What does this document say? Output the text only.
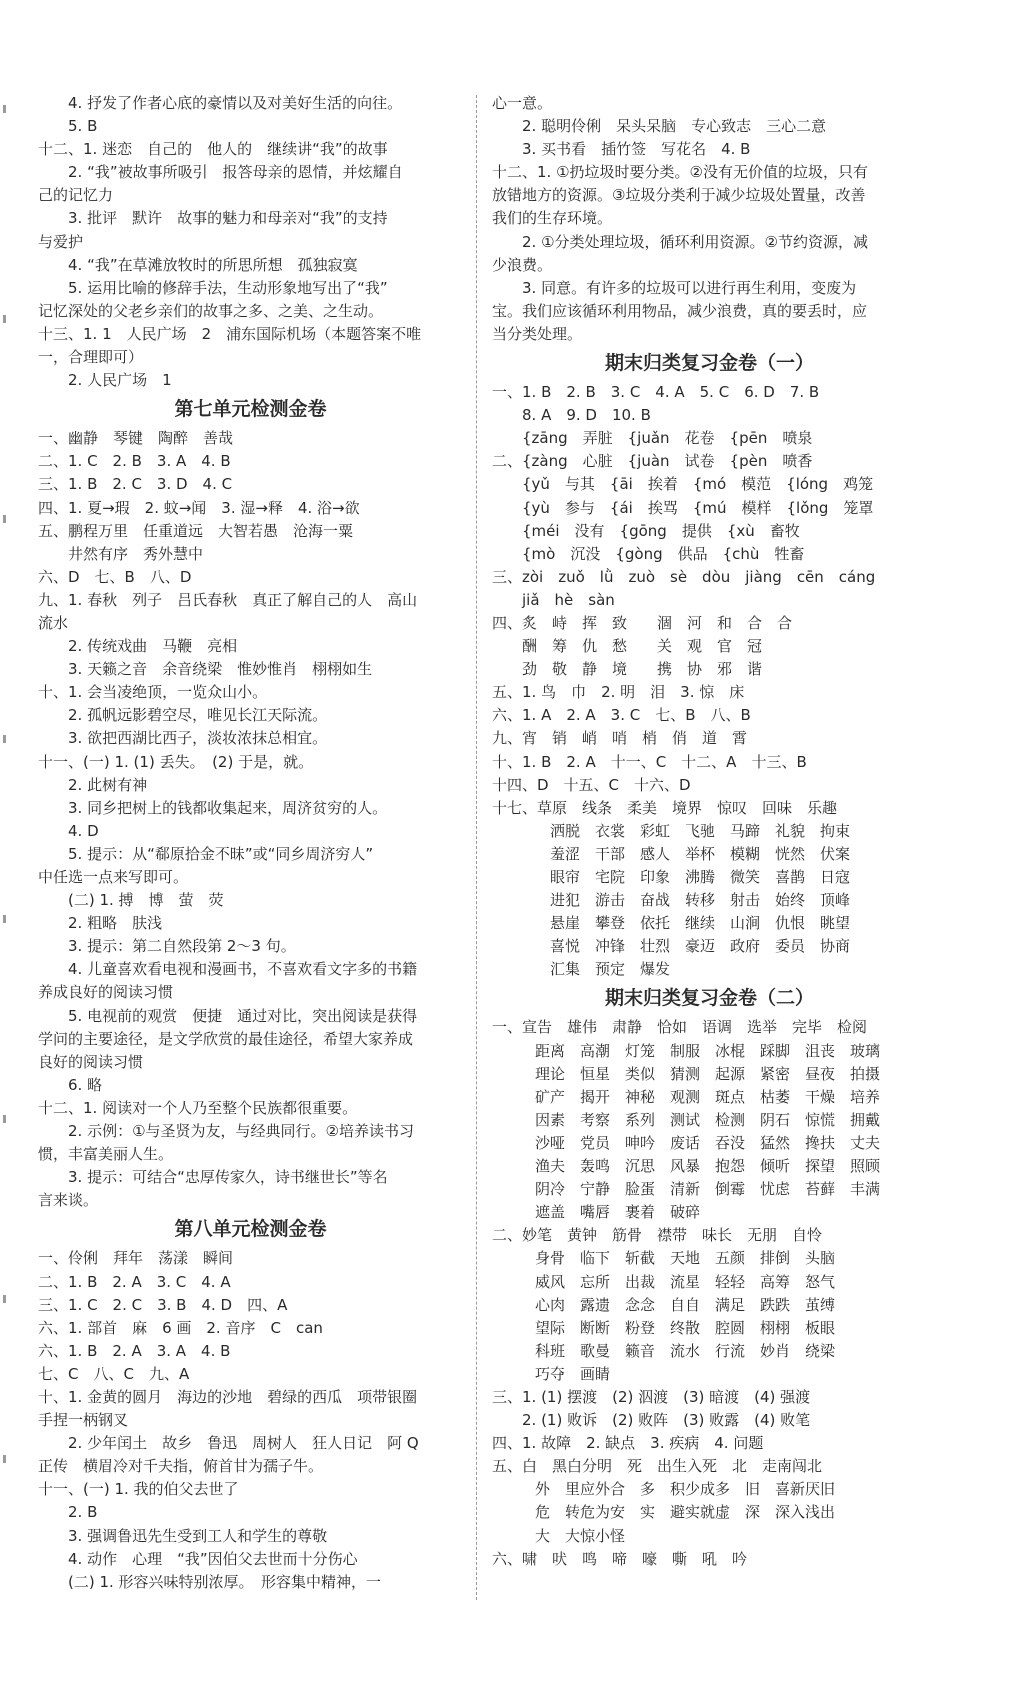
4. 抒发了作者心底的豪情以及对美好生活的向往。
5. B
十二、1. 迷恋　自己的　他人的　继续讲“我”的故事
2. “我”被故事所吸引　报答母亲的恩情，并炫耀自
己的记忆力
3. 批评　默许　故事的魅力和母亲对“我”的支持
与爱护
4. “我”在草滩放牧时的所思所想　孤独寂寞
5. 运用比喻的修辞手法，生动形象地写出了“我”
记忆深处的父老乡亲们的故事之多、之美、之生动。
十三、1. 1　人民广场　2　浦东国际机场（本题答案不唯
一，合理即可）
2. 人民广场　1
第七单元检测金卷
一、幽静　琴键　陶醉　善哉
二、1. C　2. B　3. A　4. B
三、1. B　2. C　3. D　4. C
四、1. 夏→瑕　2. 蚊→闻　3. 湿→释　4. 浴→欲
五、鹏程万里　任重道远　大智若愚　沧海一粟
井然有序　秀外慧中
六、D　七、B　八、D
九、1. 春秋　列子　吕氏春秋　真正了解自己的人　高山
流水
2. 传统戏曲　马鞭　亮相
3. 天籁之音　余音绕梁　惟妙惟肖　栩栩如生
十、1. 会当凌绝顶，一览众山小。
2. 孤帆远影碧空尽，唯见长江天际流。
3. 欲把西湖比西子，淡妆浓抹总相宜。
十一、(一) 1. (1) 丢失。　(2) 于是，就。
2. 此树有神
3. 同乡把树上的钱都收集起来，周济贫穷的人。
4. D
5. 提示：从“郗原拾金不昧”或“同乡周济穷人”
中任选一点来写即可。
(二) 1. 搏　博　萤　荧
2. 粗略　肤浅
3. 提示：第二自然段第 2～3 句。
4. 儿童喜欢看电视和漫画书，不喜欢看文字多的书籍
养成良好的阅读习惯
5. 电视前的观赏　便捷　通过对比，突出阅读是获得
学问的主要途径，是文学欣赏的最佳途径，希望大家养成
良好的阅读习惯
6. 略
十二、1. 阅读对一个人乃至整个民族都很重要。
2. 示例：①与圣贤为友，与经典同行。②培养读书习
惯，丰富美丽人生。
3. 提示：可结合“忠厚传家久，诗书继世长”等名
言来谈。
第八单元检测金卷
一、伶俐　拜年　荡漾　瞬间
二、1. B　2. A　3. C　4. A
三、1. C　2. C　3. B　4. D　四、A
六、1. 部首　麻　6 画　2. 音序　C　can
六、1. B　2. A　3. A　4. B
七、C　八、C　九、A
十、1. 金黄的圆月　海边的沙地　碧绿的西瓜　项带银圈
手捏一柄钢叉
2. 少年闰土　故乡　鲁迅　周树人　狂人日记　阿 Q
正传　横眉冷对千夫指，俯首甘为孺子牛。
十一、(一) 1. 我的伯父去世了
2. B
3. 强调鲁迅先生受到工人和学生的尊敬
4. 动作　心理　“我”因伯父去世而十分伤心
(二) 1. 形容兴味特别浓厚。　形容集中精神，一
心一意。
2. 聪明伶俐　呆头呆脑　专心致志　三心二意
3. 买书看　插竹签　写花名　4. B
十二、1. ①扔垃圾时要分类。②没有无价值的垃圾，只有
放错地方的资源。③垃圾分类利于减少垃圾处置量，改善
我们的生存环境。
2. ①分类处理垃圾，循环利用资源。②节约资源，减
少浪费。
3. 同意。有许多的垃圾可以进行再生利用，变废为
宝。我们应该循环利用物品，减少浪费，真的要丢时，应
当分类处理。
期末归类复习金卷（一）
一、1. B　2. B　3. C　4. A　5. C　6. D　7. B
8. A　9. D　10. B
{zāng　弄脏　{juǎn　花卷　{pēn　喷泉
二、{zàng　心脏　{juàn　试卷　{pèn　喷香
{yǔ　与其　{āi　挨着　{mó　模范　{lóng　鸡笼
{yù　参与　{ái　挨骂　{mú　模样　{lǒng　笼罩
{méi　没有　{gōng　提供　{xù　畜牧
{mò　沉没　{gòng　供品　{chù　牲畜
三、zòi　zuǒ　lǜ　zuò　sè　dòu　jiàng　cēn　cáng
jiǎ　hè　sàn
四、炙　峙　挥　致　　涸　河　和　合　合
酬　筹　仇　愁　　关　观　官　冠
劲　敬　静　境　　携　协　邪　谐
五、1. 鸟　巾　2. 明　泪　3. 惊　床
六、1. A　2. A　3. C　七、B　八、B
九、宵　销　峭　哨　梢　俏　道　霄
十、1. B　2. A　十一、C　十二、A　十三、B
十四、D　十五、C　十六、D
十七、草原　线条　柔美　境界　惊叹　回味　乐趣
洒脱　衣裳　彩虹　飞驰　马蹄　礼貌　拘束
羞涩　干部　感人　举杯　模糊　恍然　伏案
眼帘　宅院　印象　沸腾　微笑　喜鹊　日寇
进犯　游击　奋战　转移　射击　始终　顶峰
悬崖　攀登　依托　继续　山涧　仇恨　眺望
喜悦　冲锋　壮烈　豪迈　政府　委员　协商
汇集　预定　爆发
期末归类复习金卷（二）
一、宣告　雄伟　肃静　恰如　语调　选举　完毕　检阅
距离　高潮　灯笼　制服　冰棍　踩脚　沮丧　玻璃
理论　恒星　类似　猜测　起源　紧密　昼夜　拍摄
矿产　揭开　神秘　观测　斑点　枯萎　干燥　培养
因素　考察　系列　测试　检测　阴石　惊慌　拥戴
沙哑　党员　呻吟　废话　吞没　猛然　搀扶　丈夫
渔夫　轰鸣　沉思　风暴　抱怨　倾听　探望　照顾
阴冷　宁静　脸蛋　清新　倒霉　忧虑　苔藓　丰满
遮盖　嘴唇　裹着　破碎
二、妙笔　黄钟　筋骨　襟带　味长　无朋　自怜
身骨　临下　斩截　天地　五颜　排倒　头脑
威风　忘所　出裁　流星　轻轻　高筹　怒气
心肉　露遗　念念　自自　满足　跌跌　茧缚
望际　断断　粉登　终散　腔圆　栩栩　板眼
科班　歌曼　籁音　流水　行流　妙肖　绕梁
巧夺　画睛
三、1. (1) 摆渡　(2) 泅渡　(3) 暗渡　(4) 强渡
2. (1) 败诉　(2) 败阵　(3) 败露　(4) 败笔
四、1. 故障　2. 缺点　3. 疾病　4. 问题
五、白　黑白分明　死　出生入死　北　走南闯北
外　里应外合　多　积少成多　旧　喜新厌旧
危　转危为安　实　避实就虚　深　深入浅出
大　大惊小怪
六、啸　吠　鸣　啼　嚎　嘶　吼　吟
